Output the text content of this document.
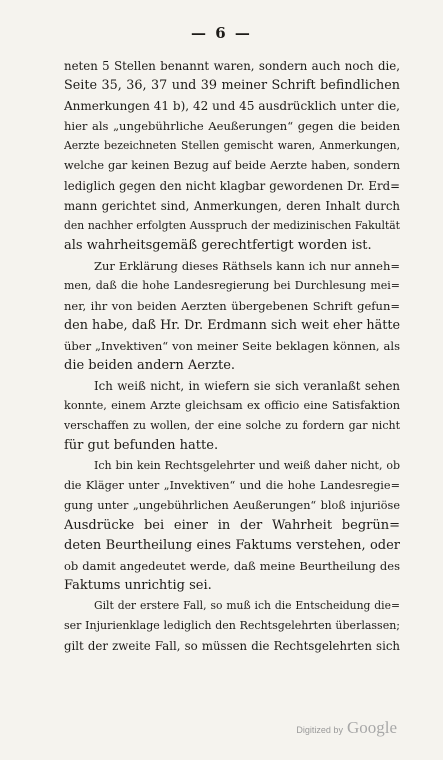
— 6 —
neten 5 Stellen benannt waren, sondern auch noch die,
Seite 35, 36, 37 und 39 meiner Schrift befindlichen
Anmerkungen 41 b), 42 und 45 ausdrücklich unter die,
hier als „ungebührliche Aeußerungen“ gegen die beiden
Aerzte bezeichneten Stellen gemischt waren, Anmerkungen,
welche gar keinen Bezug auf beide Aerzte haben, sondern
lediglich gegen den nicht klagbar gewordenen Dr. Erd=
mann gerichtet sind, Anmerkungen, deren Inhalt durch
den nachher erfolgten Ausspruch der medizinischen Fakultät
als wahrheitsgemäß gerechtfertigt worden ist.
Zur Erklärung dieses Räthsels kann ich nur anneh=
men, daß die hohe Landesregierung bei Durchlesung mei=
ner, ihr von beiden Aerzten übergebenen Schrift gefun=
den habe, daß Hr. Dr. Erdmann sich weit eher hätte
über „Invektiven“ von meiner Seite beklagen können, als
die beiden andern Aerzte.
Ich weiß nicht, in wiefern sie sich veranlaßt sehen
konnte, einem Arzte gleichsam ex officio eine Satisfaktion
verschaffen zu wollen, der eine solche zu fordern gar nicht
für gut befunden hatte.
Ich bin kein Rechtsgelehrter und weiß daher nicht, ob
die Kläger unter „Invektiven“ und die hohe Landesregie=
gung unter „ungebührlichen Aeußerungen“ bloß injuriöse
Ausdrücke bei einer in der Wahrheit begrün=
deten Beurtheilung eines Faktums verstehen, oder
ob damit angedeutet werde, daß meine Beurtheilung des
Faktums unrichtig sei.
Gilt der erstere Fall, so muß ich die Entscheidung die=
ser Injurienklage lediglich den Rechtsgelehrten überlassen;
gilt der zweite Fall, so müssen die Rechtsgelehrten sich
Digitized by Google
